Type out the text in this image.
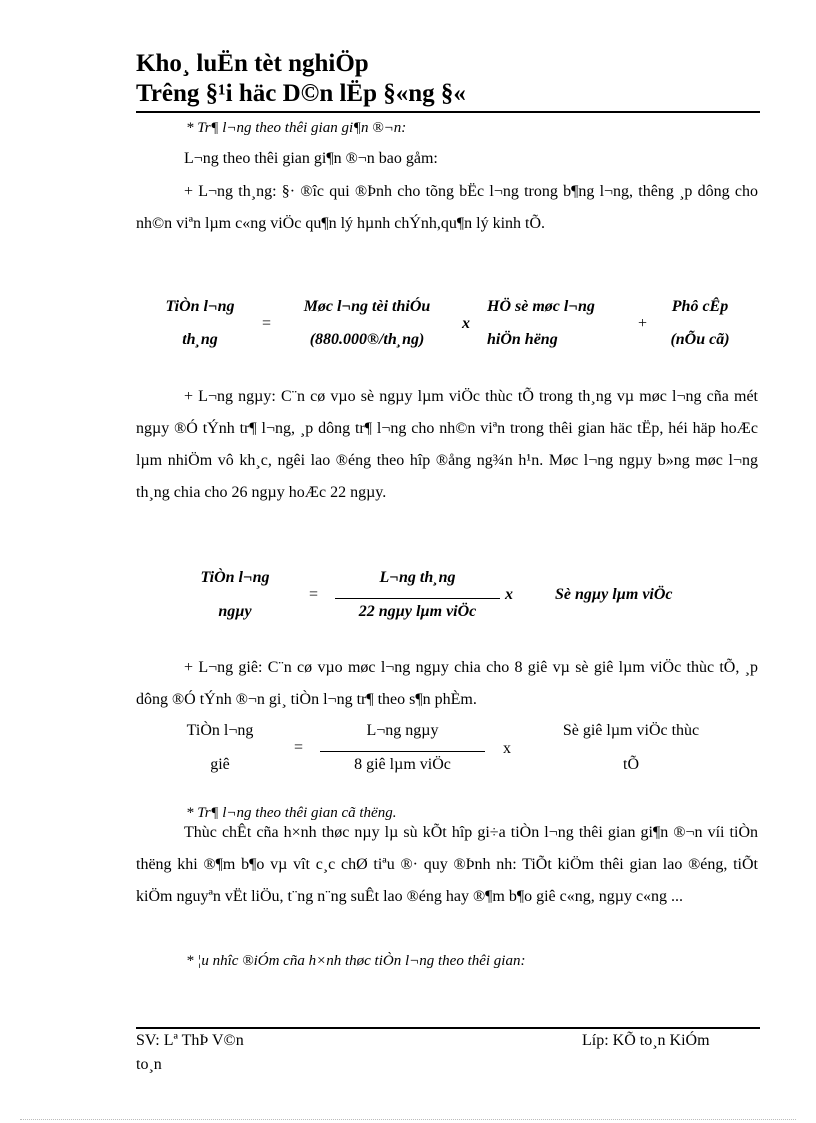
Kho¸ luËn tèt nghiÖp
Trêng §¹i häc D©n lËp §«ng §«
* Tr¶ l¬ng theo thêi gian gi¶n ®¬n:
L¬ng theo thêi gian gi¶n ®¬n bao gåm:
+ L¬ng th¸ng: §· ®îc qui ®Þnh cho tõng bËc l¬ng trong b¶ng l¬ng, thêng ¸p dông cho nh©n viªn lµm c«ng viÖc qu¶n lý hµnh chÝnh,qu¶n lý kinh tÕ.
TiÒn l¬ng
th¸ng
=
Møc l¬ng tèi thiÓu
(880.000®/th¸ng)
x
HÖ sè møc l¬ng
hiÖn hëng
+
Phô cÊp
(nÕu cã)
+ L¬ng ngµy: C¨n cø vµo sè ngµy lµm viÖc thùc tÕ trong th¸ng vµ møc l¬ng cña mét ngµy ®Ó tÝnh tr¶ l¬ng, ¸p dông tr¶ l¬ng cho nh©n viªn trong thêi gian häc tËp, héi häp hoÆc lµm nhiÖm vô kh¸c, ngêi lao ®éng theo hîp ®ång ng¾n h¹n. Møc l¬ng ngµy b»ng møc l¬ng th¸ng chia cho 26 ngµy hoÆc 22 ngµy.
TiÒn l¬ng
ngµy
=
L¬ng th¸ng
22 ngµy lµm viÖc
x	Sè ngµy lµm viÖc
+ L¬ng giê: C¨n cø vµo møc l¬ng ngµy chia cho 8 giê vµ sè giê lµm viÖc thùc tÕ, ¸p dông ®Ó tÝnh ®¬n gi¸ tiÒn l¬ng tr¶ theo s¶n phÈm.
TiÒn l¬ng
giê
=
L¬ng ngµy
8 giê lµm viÖc
x
Sè giê lµm viÖc thùc
tÕ
* Tr¶ l¬ng theo thêi gian cã thëng.
Thùc chÊt cña h×nh thøc nµy lµ sù kÕt hîp gi÷a tiÒn l¬ng thêi gian gi¶n ®¬n víi tiÒn thëng khi ®¶m b¶o vµ vît c¸c chØ tiªu ®· quy ®Þnh nh: TiÕt kiÖm thêi gian lao ®éng, tiÕt kiÖm nguyªn vËt liÖu, t¨ng n¨ng suÊt lao ®éng hay ®¶m b¶o giê c«ng, ngµy c«ng ...
* ¦u nhîc ®iÓm cña h×nh thøc tiÒn l¬ng theo thêi gian:
SV: Lª ThÞ V©n
to¸n
Líp: KÕ to¸n KiÓm
